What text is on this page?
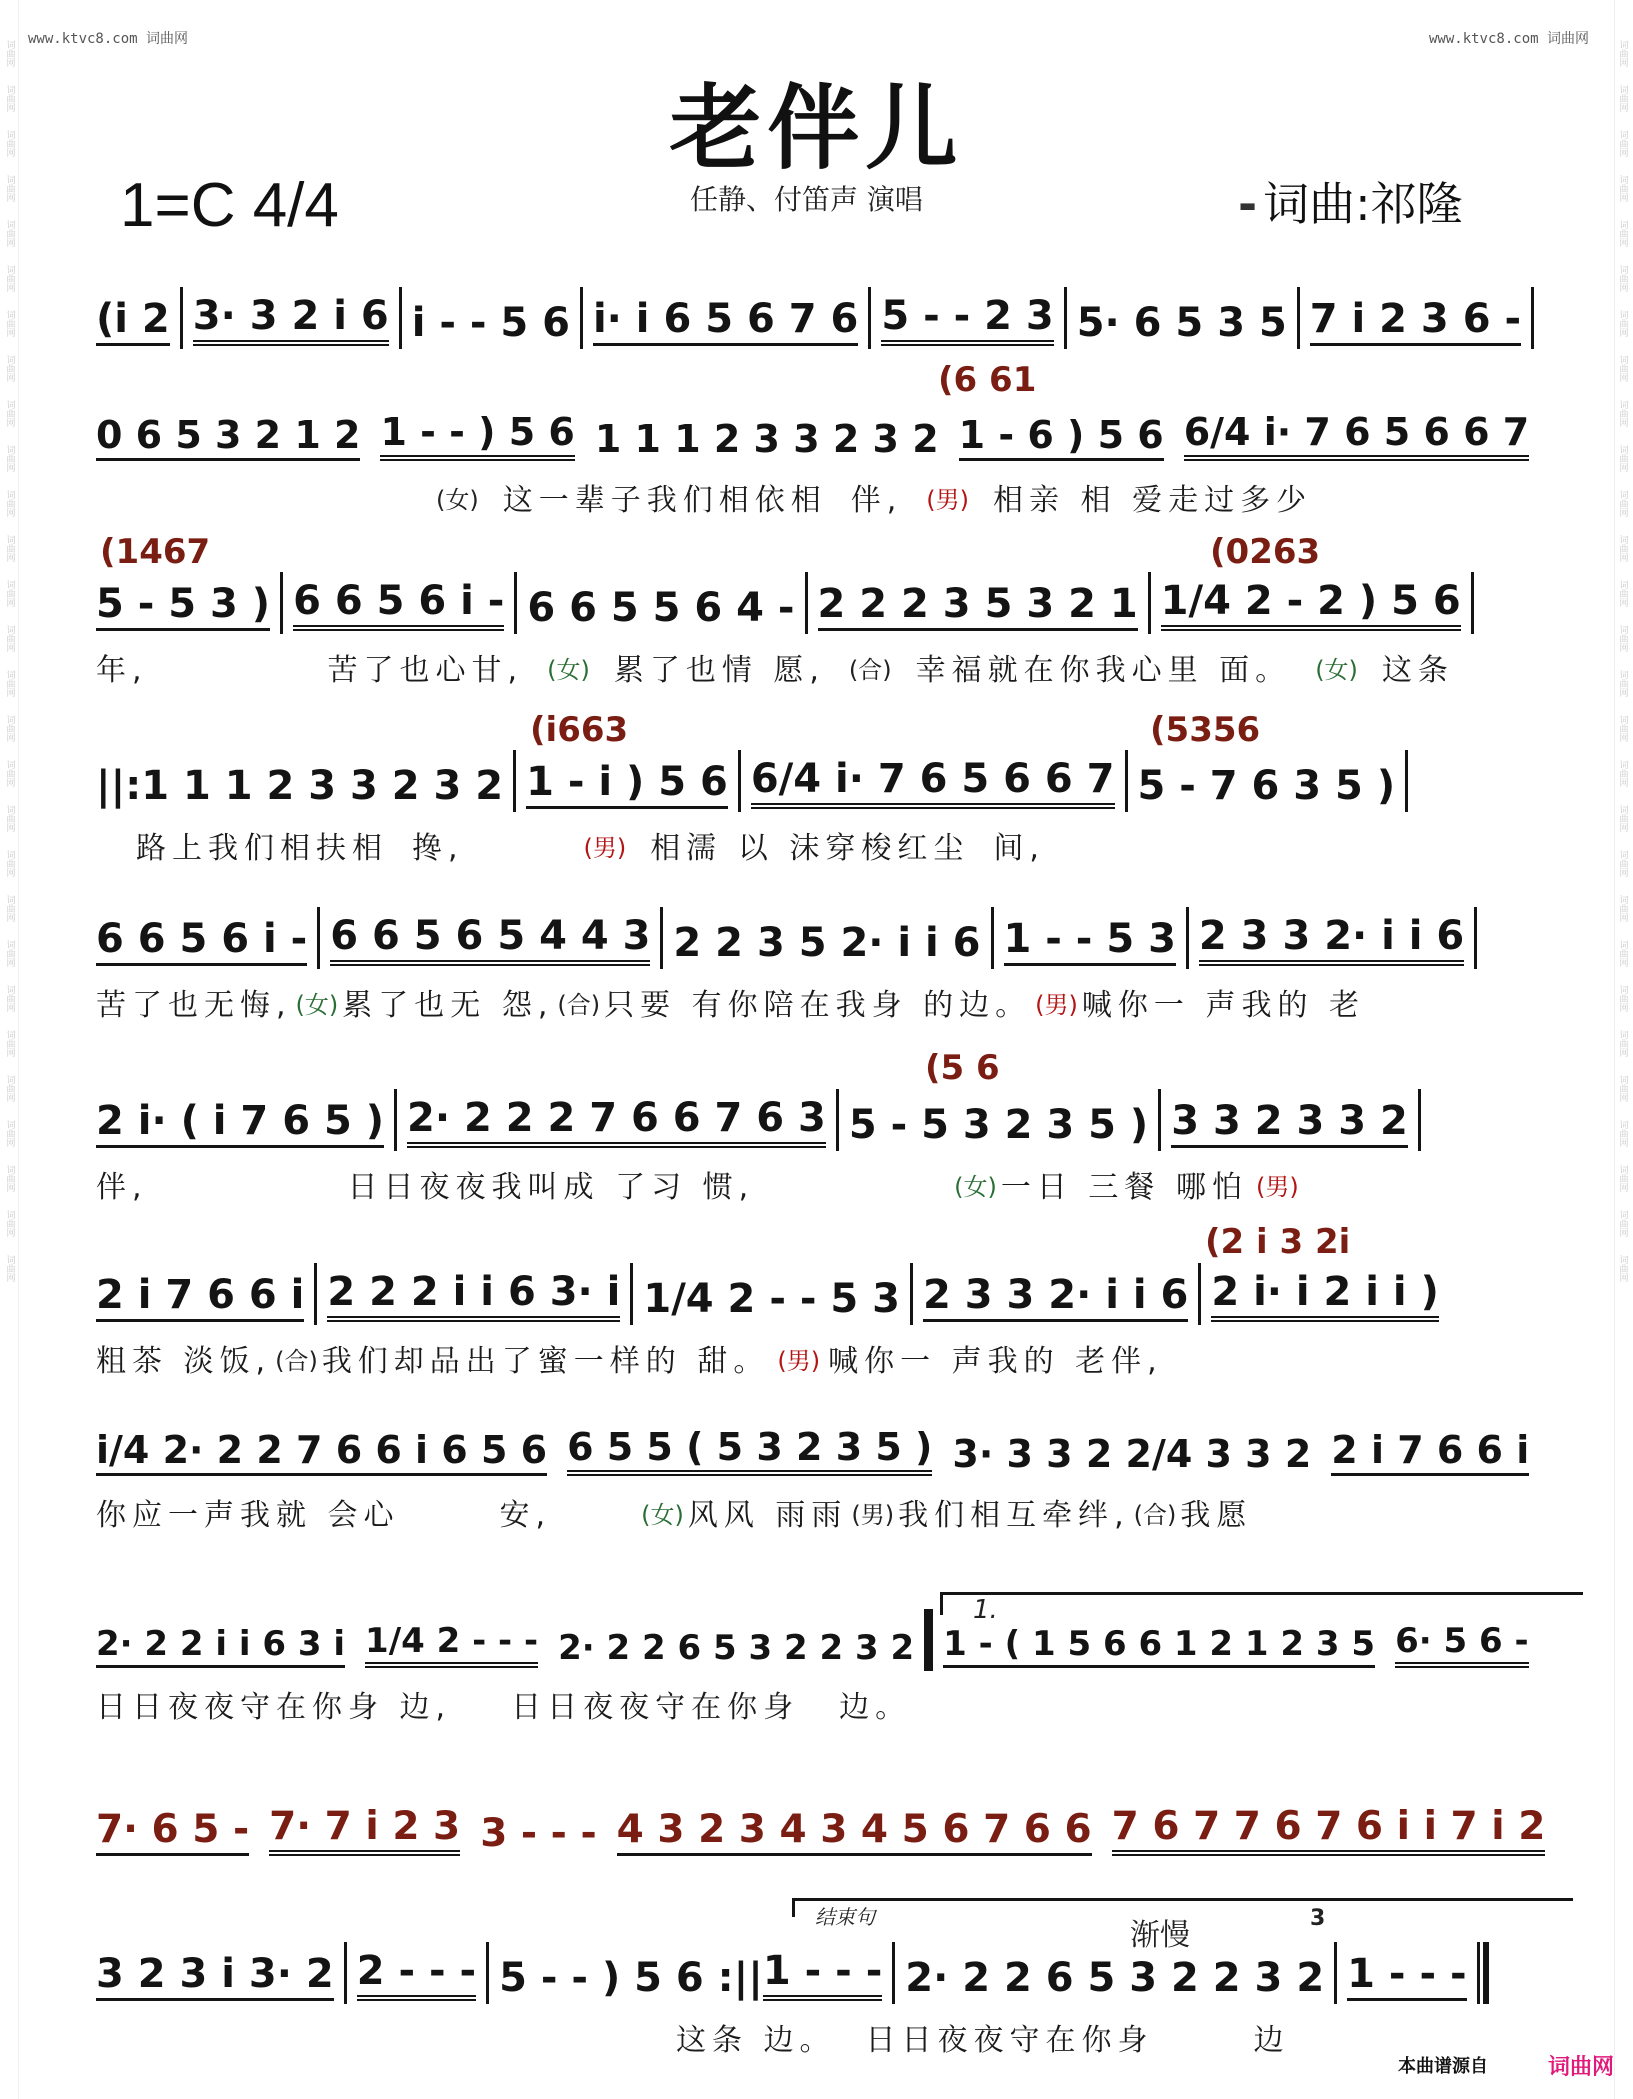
词曲网
词曲网
词曲网
词曲网
词曲网
词曲网
词曲网
词曲网
词曲网
词曲网
词曲网
词曲网
词曲网
词曲网
词曲网
词曲网
词曲网
词曲网
词曲网
词曲网
词曲网
词曲网
词曲网
词曲网
词曲网
词曲网
词曲网
词曲网
词曲网
词曲网
词曲网
词曲网
词曲网
词曲网
词曲网
词曲网
词曲网
词曲网
词曲网
词曲网
词曲网
词曲网
词曲网
词曲网
词曲网
词曲网
词曲网
词曲网
词曲网
词曲网
词曲网
词曲网
词曲网
词曲网
词曲网
词曲网
www.ktvc8.com 词曲网	www.ktvc8.com 词曲网
老伴儿
1=C 4/4	任静、付笛声 演唱	- 词曲:祁隆
(i 2 3· 3 2 i 6 i - - 5 6 i· i 6 5 6 7 6 5 - - 2 3 5· 6 5 3 5 7 i 2 3 6 -
(6 61
0 6 5 3 2 1 2 1 - - ) 5 6 1 1 1 2 3 3 2 3 2 1 - 6 ) 5 6 6/4 i· 7 6 5 6 6 7
(女) 这一辈子我们相依相 伴, (男) 相亲 相 爱走过多少
(1467	(0263
5 - 5 3 ) 6 6 5 6 i - 6 6 5 5 6 4 - 2 2 2 3 5 3 2 1 1/4 2 - 2 ) 5 6
年,	苦了也心甘, (女) 累了也情 愿, (合) 幸福就在你我心里 面。 (女) 这条
(i663	(5356
||: 1 1 1 2 3 3 2 3 2 1 - i ) 5 6 6/4 i· 7 6 5 6 6 7 5 - 7 6 3 5 )
路上我们相扶相 搀,	(男) 相濡 以 沫穿梭红尘 间,
6 6 5 6 i - 6 6 5 6 5 4 4 3 2 2 3 5 2· i i 6 1 - - 5 3 2 3 3 2· i i 6
苦了也无悔, (女) 累了也无 怨, (合) 只要 有你陪在我身 的边。 (男) 喊你一 声我的 老
(5 6
2 i· ( i 7 6 5 ) 2· 2 2 2 7 6 6 7 6 3 5 - 5 3 2 3 5 ) 3 3 2 3 3 2
伴,	日日夜夜我叫成 了习 惯,	(女) 一日 三餐 哪怕 (男)
(2 i 3 2i
2 i 7 6 6 i 2 2 2 i i 6 3· i 1/4 2 - - 5 3 2 3 3 2· i i 6 2 i· i 2 i i )
粗茶 淡饭, (合) 我们却品出了蜜一样的 甜。 (男) 喊你一 声我的 老伴,
i/4 2· 2 2 7 6 6 i 6 5 6 6 5 5 ( 5 3 2 3 5 ) 3· 3 3 2 2/4 3 3 2 2 i 7 6 6 i
你应一声我就 会心	安,	(女) 风风 雨雨 (男) 我们相互牵绊, (合) 我愿
1.
2· 2 2 i i 6 3 i 1/4 2 - - - 2· 2 2 6 5 3 2 2 3 2 1 - ( 1 5 6 6 1 2 1 2 3 5 6· 5 6 -
日日夜夜守在你身 边, 日日夜夜守在你身 边。
7· 6 5 - 7· 7 i 2 3 3 - - - 4 3 2 3 4 3 4 5 6 7 6 6 7 6 7 7 6 7 6 i i 7 i 2
结束句
渐慢	3
3 2 3 i 3· 2 2 - - - 5 - - ) 5 6 :|| 1 - - - 2· 2 2 6 5 3 2 2 3 2 1 - - -
这条 边。 日日夜夜守在你身	边
本曲谱源自	词曲网
